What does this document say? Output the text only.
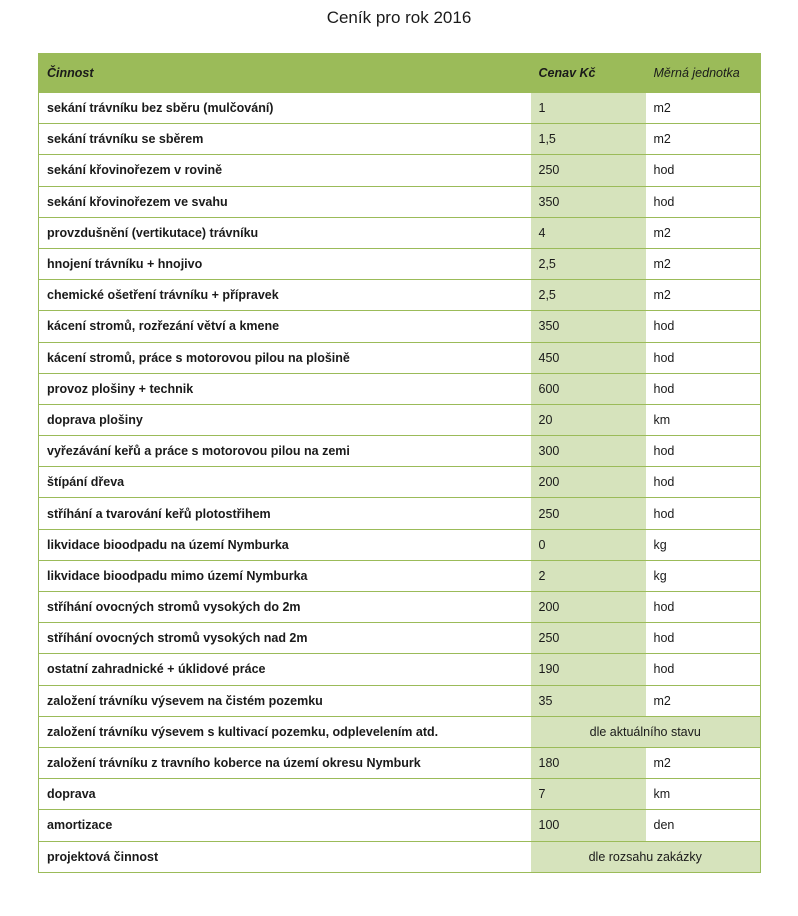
Ceník pro rok 2016
Činnost	Cenav Kč	Měrná jednotka
sekání trávníku bez sběru (mulčování)	1	m2
sekání trávníku se sběrem	1,5	m2
sekání křovinořezem v rovině	250	hod
sekání křovinořezem ve svahu	350	hod
provzdušnění (vertikutace) trávníku	4	m2
hnojení trávníku + hnojivo	2,5	m2
chemické ošetření trávníku + přípravek	2,5	m2
kácení stromů, rozřezání větví a kmene	350	hod
kácení stromů, práce s motorovou pilou na plošině	450	hod
provoz plošiny + technik	600	hod
doprava plošiny	20	km
vyřezávání keřů a práce s motorovou pilou na zemi	300	hod
štípání dřeva	200	hod
stříhání a tvarování keřů plotostřihem	250	hod
likvidace bioodpadu na území Nymburka	0	kg
likvidace bioodpadu mimo území Nymburka	2	kg
stříhání ovocných stromů vysokých do 2m	200	hod
stříhání ovocných stromů vysokých nad 2m	250	hod
ostatní zahradnické + úklidové práce	190	hod
založení trávníku výsevem na čistém pozemku	35	m2
založení trávníku výsevem s kultivací pozemku, odplevelením atd.	dle aktuálního stavu	
založení trávníku z travního koberce na území okresu Nymburk	180	m2
doprava	7	km
amortizace	100	den
projektová činnost	dle rozsahu zakázky	
